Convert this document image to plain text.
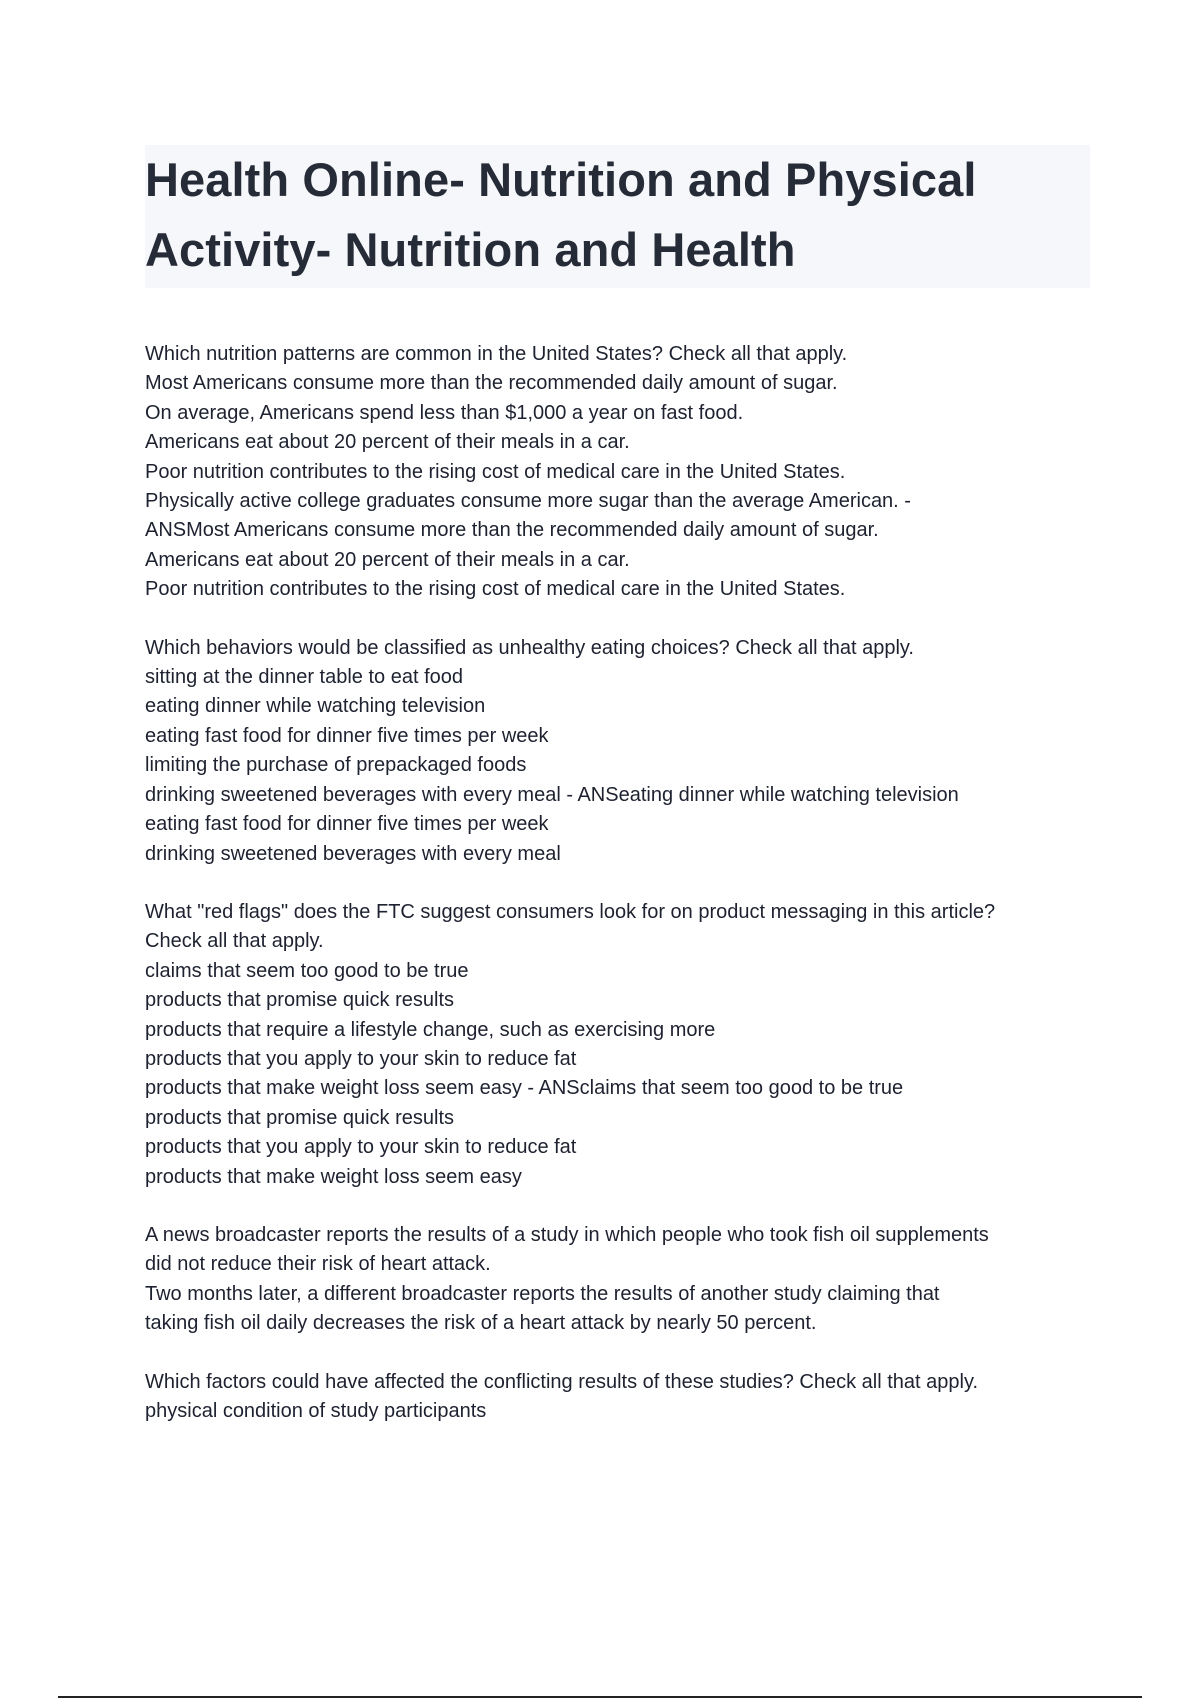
Health Online- Nutrition and Physical Activity- Nutrition and Health
Which nutrition patterns are common in the United States? Check all that apply.
Most Americans consume more than the recommended daily amount of sugar.
On average, Americans spend less than $1,000 a year on fast food.
Americans eat about 20 percent of their meals in a car.
Poor nutrition contributes to the rising cost of medical care in the United States.
Physically active college graduates consume more sugar than the average American. -
ANSMost Americans consume more than the recommended daily amount of sugar.
Americans eat about 20 percent of their meals in a car.
Poor nutrition contributes to the rising cost of medical care in the United States.
Which behaviors would be classified as unhealthy eating choices? Check all that apply.
sitting at the dinner table to eat food
eating dinner while watching television
eating fast food for dinner five times per week
limiting the purchase of prepackaged foods
drinking sweetened beverages with every meal - ANSeating dinner while watching television
eating fast food for dinner five times per week
drinking sweetened beverages with every meal
What "red flags" does the FTC suggest consumers look for on product messaging in this article?
Check all that apply.
claims that seem too good to be true
products that promise quick results
products that require a lifestyle change, such as exercising more
products that you apply to your skin to reduce fat
products that make weight loss seem easy - ANSclaims that seem too good to be true
products that promise quick results
products that you apply to your skin to reduce fat
products that make weight loss seem easy
A news broadcaster reports the results of a study in which people who took fish oil supplements
did not reduce their risk of heart attack.
Two months later, a different broadcaster reports the results of another study claiming that
taking fish oil daily decreases the risk of a heart attack by nearly 50 percent.
Which factors could have affected the conflicting results of these studies? Check all that apply.
physical condition of study participants
